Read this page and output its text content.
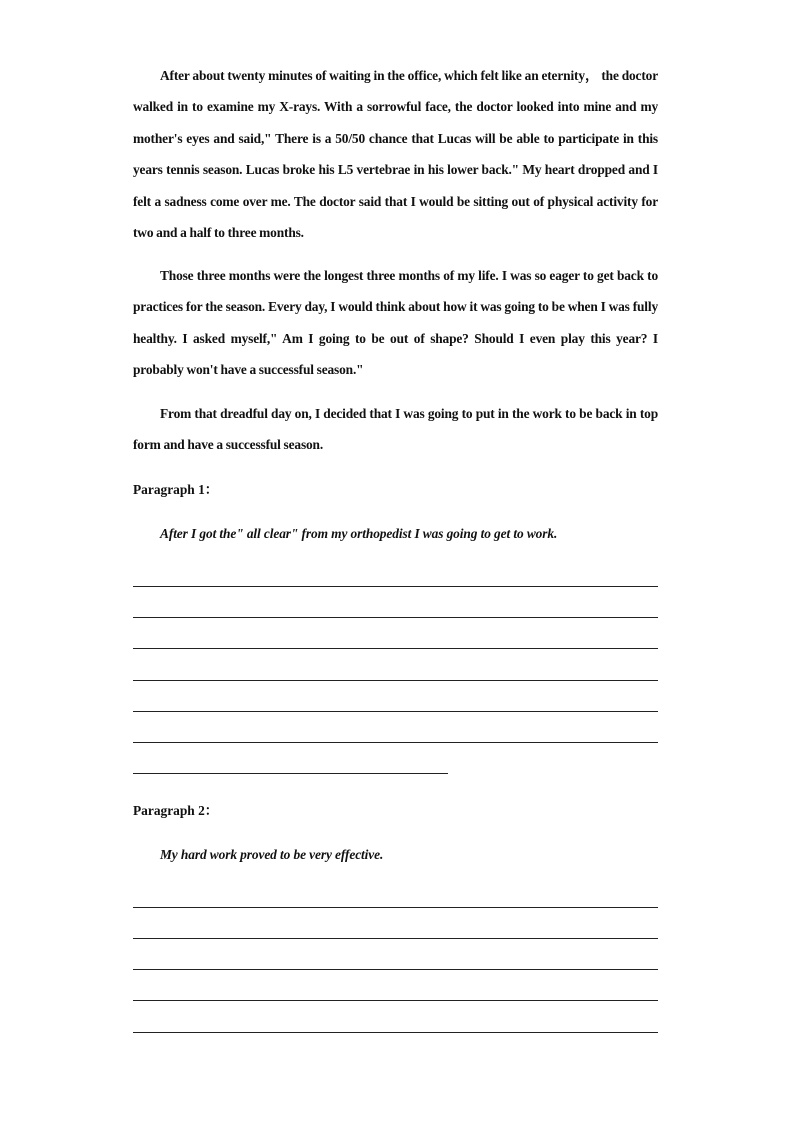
After about twenty minutes of waiting in the office, which felt like an eternity， the doctor walked in to examine my X-rays. With a sorrowful face, the doctor looked into mine and my mother's eyes and said," There is a 50/50 chance that Lucas will be able to participate in this years tennis season. Lucas broke his L5 vertebrae in his lower back." My heart dropped and I felt a sadness come over me. The doctor said that I would be sitting out of physical activity for two and a half to three months.

Those three months were the longest three months of my life. I was so eager to get back to practices for the season. Every day, I would think about how it was going to be when I was fully healthy. I asked myself," Am I going to be out of shape? Should I even play this year? I probably won't have a successful season."

From that dreadful day on, I decided that I was going to put in the work to be back in top form and have a successful season.

Paragraph 1：

After I got the" all clear" from my orthopedist I was going to get to work.

Paragraph 2：

My hard work proved to be very effective.
